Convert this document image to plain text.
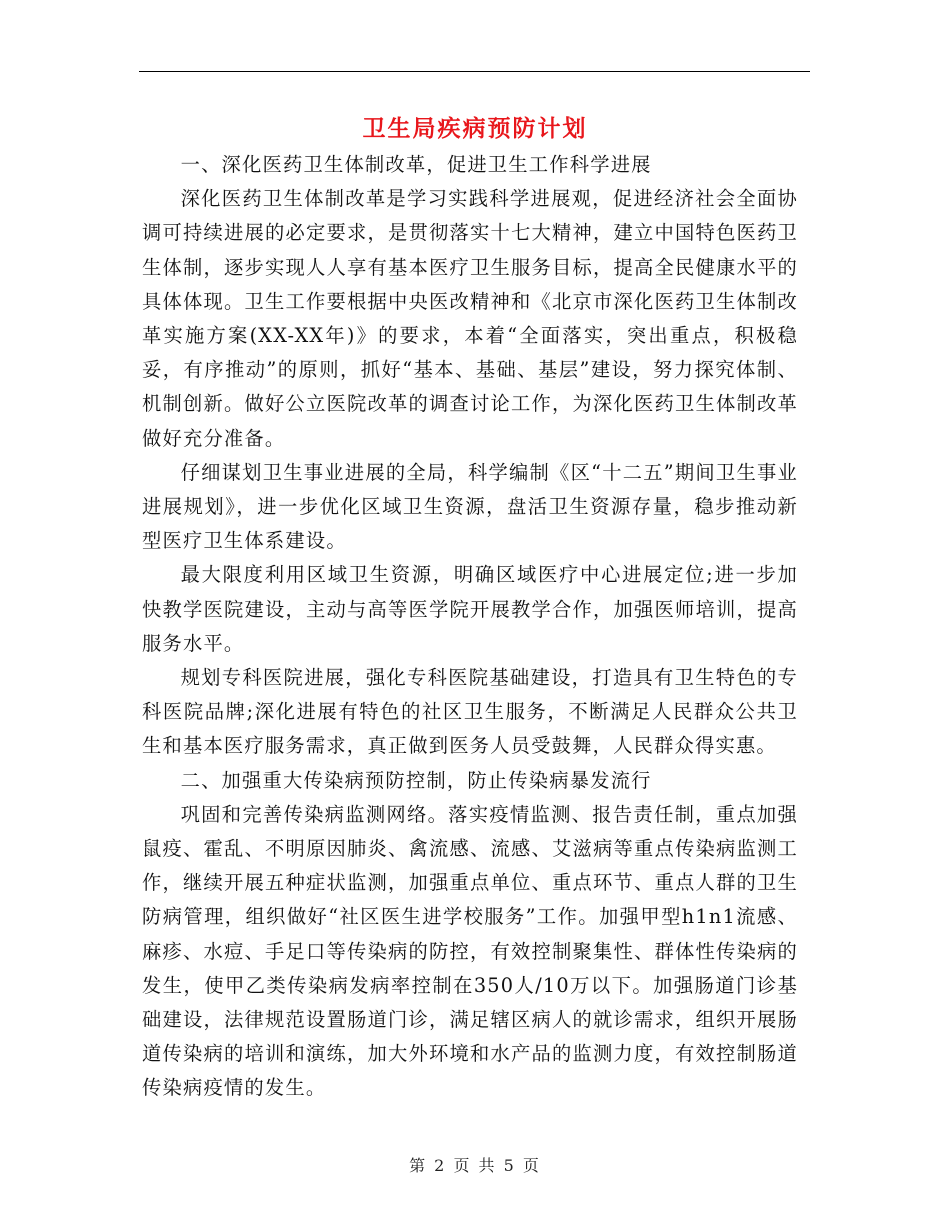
卫生局疾病预防计划

一、深化医药卫生体制改革，促进卫生工作科学进展

深化医药卫生体制改革是学习实践科学进展观，促进经济社会全面协调可持续进展的必定要求，是贯彻落实十七大精神，建立中国特色医药卫生体制，逐步实现人人享有基本医疗卫生服务目标，提高全民健康水平的具体体现。卫生工作要根据中央医改精神和《北京市深化医药卫生体制改革实施方案(XX-XX年)》的要求，本着“全面落实，突出重点，积极稳妥，有序推动”的原则，抓好“基本、基础、基层”建设，努力探究体制、机制创新。做好公立医院改革的调查讨论工作，为深化医药卫生体制改革做好充分准备。

仔细谋划卫生事业进展的全局，科学编制《区“十二五”期间卫生事业进展规划》，进一步优化区域卫生资源，盘活卫生资源存量，稳步推动新型医疗卫生体系建设。

最大限度利用区域卫生资源，明确区域医疗中心进展定位;进一步加快教学医院建设，主动与高等医学院开展教学合作，加强医师培训，提高服务水平。

规划专科医院进展，强化专科医院基础建设，打造具有卫生特色的专科医院品牌;深化进展有特色的社区卫生服务，不断满足人民群众公共卫生和基本医疗服务需求，真正做到医务人员受鼓舞，人民群众得实惠。

二、加强重大传染病预防控制，防止传染病暴发流行

巩固和完善传染病监测网络。落实疫情监测、报告责任制，重点加强鼠疫、霍乱、不明原因肺炎、禽流感、流感、艾滋病等重点传染病监测工作，继续开展五种症状监测，加强重点单位、重点环节、重点人群的卫生防病管理，组织做好“社区医生进学校服务”工作。加强甲型h1n1流感、麻疹、水痘、手足口等传染病的防控，有效控制聚集性、群体性传染病的发生，使甲乙类传染病发病率控制在350人/10万以下。加强肠道门诊基础建设，法律规范设置肠道门诊，满足辖区病人的就诊需求，组织开展肠道传染病的培训和演练，加大外环境和水产品的监测力度，有效控制肠道传染病疫情的发生。

第 2 页 共 5 页
